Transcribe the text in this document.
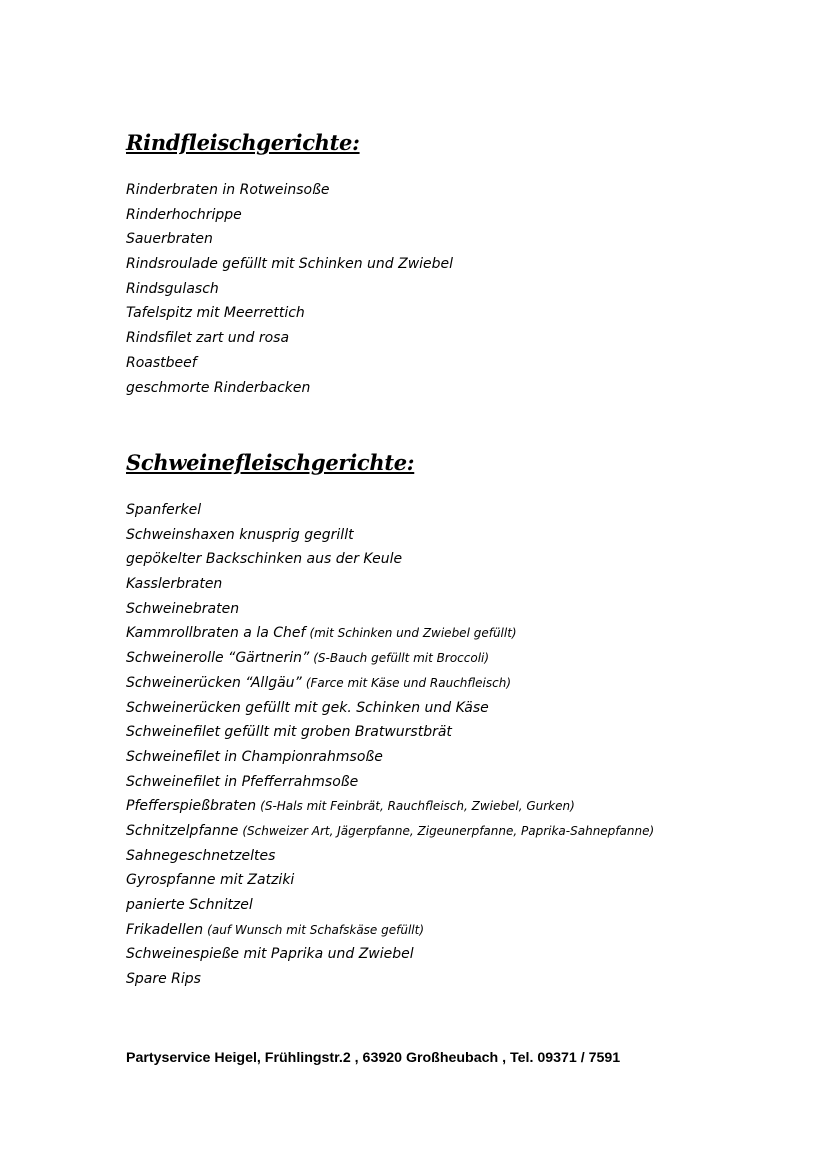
Rindfleischgerichte:
Rinderbraten in Rotweinsoße
Rinderhochrippe
Sauerbraten
Rindsroulade gefüllt mit Schinken und Zwiebel
Rindsgulasch
Tafelspitz mit Meerrettich
Rindsfilet zart und rosa
Roastbeef
geschmorte Rinderbacken
Schweinefleischgerichte:
Spanferkel
Schweinshaxen knusprig gegrillt
gepökelter Backschinken aus der Keule
Kasslerbraten
Schweinebraten
Kammrollbraten a la Chef (mit Schinken und Zwiebel gefüllt)
Schweinerolle “Gärtnerin” (S-Bauch gefüllt mit Broccoli)
Schweinerücken “Allgäu” (Farce mit Käse und Rauchfleisch)
Schweinerücken gefüllt mit gek. Schinken und Käse
Schweinefilet gefüllt mit groben Bratwurstbrät
Schweinefilet in Championrahmsoße
Schweinefilet in Pfefferrahmsoße
Pfefferspießbraten (S-Hals mit Feinbrät, Rauchfleisch, Zwiebel, Gurken)
Schnitzelpfanne (Schweizer Art, Jägerpfanne, Zigeunerpfanne, Paprika-Sahnepfanne)
Sahnegeschnetzeltes
Gyrospfanne mit Zatziki
panierte Schnitzel
Frikadellen (auf Wunsch mit Schafskäse gefüllt)
Schweinespieße mit Paprika und Zwiebel
Spare Rips

Partyservice Heigel, Frühlingstr.2 , 63920 Großheubach , Tel. 09371 / 7591
